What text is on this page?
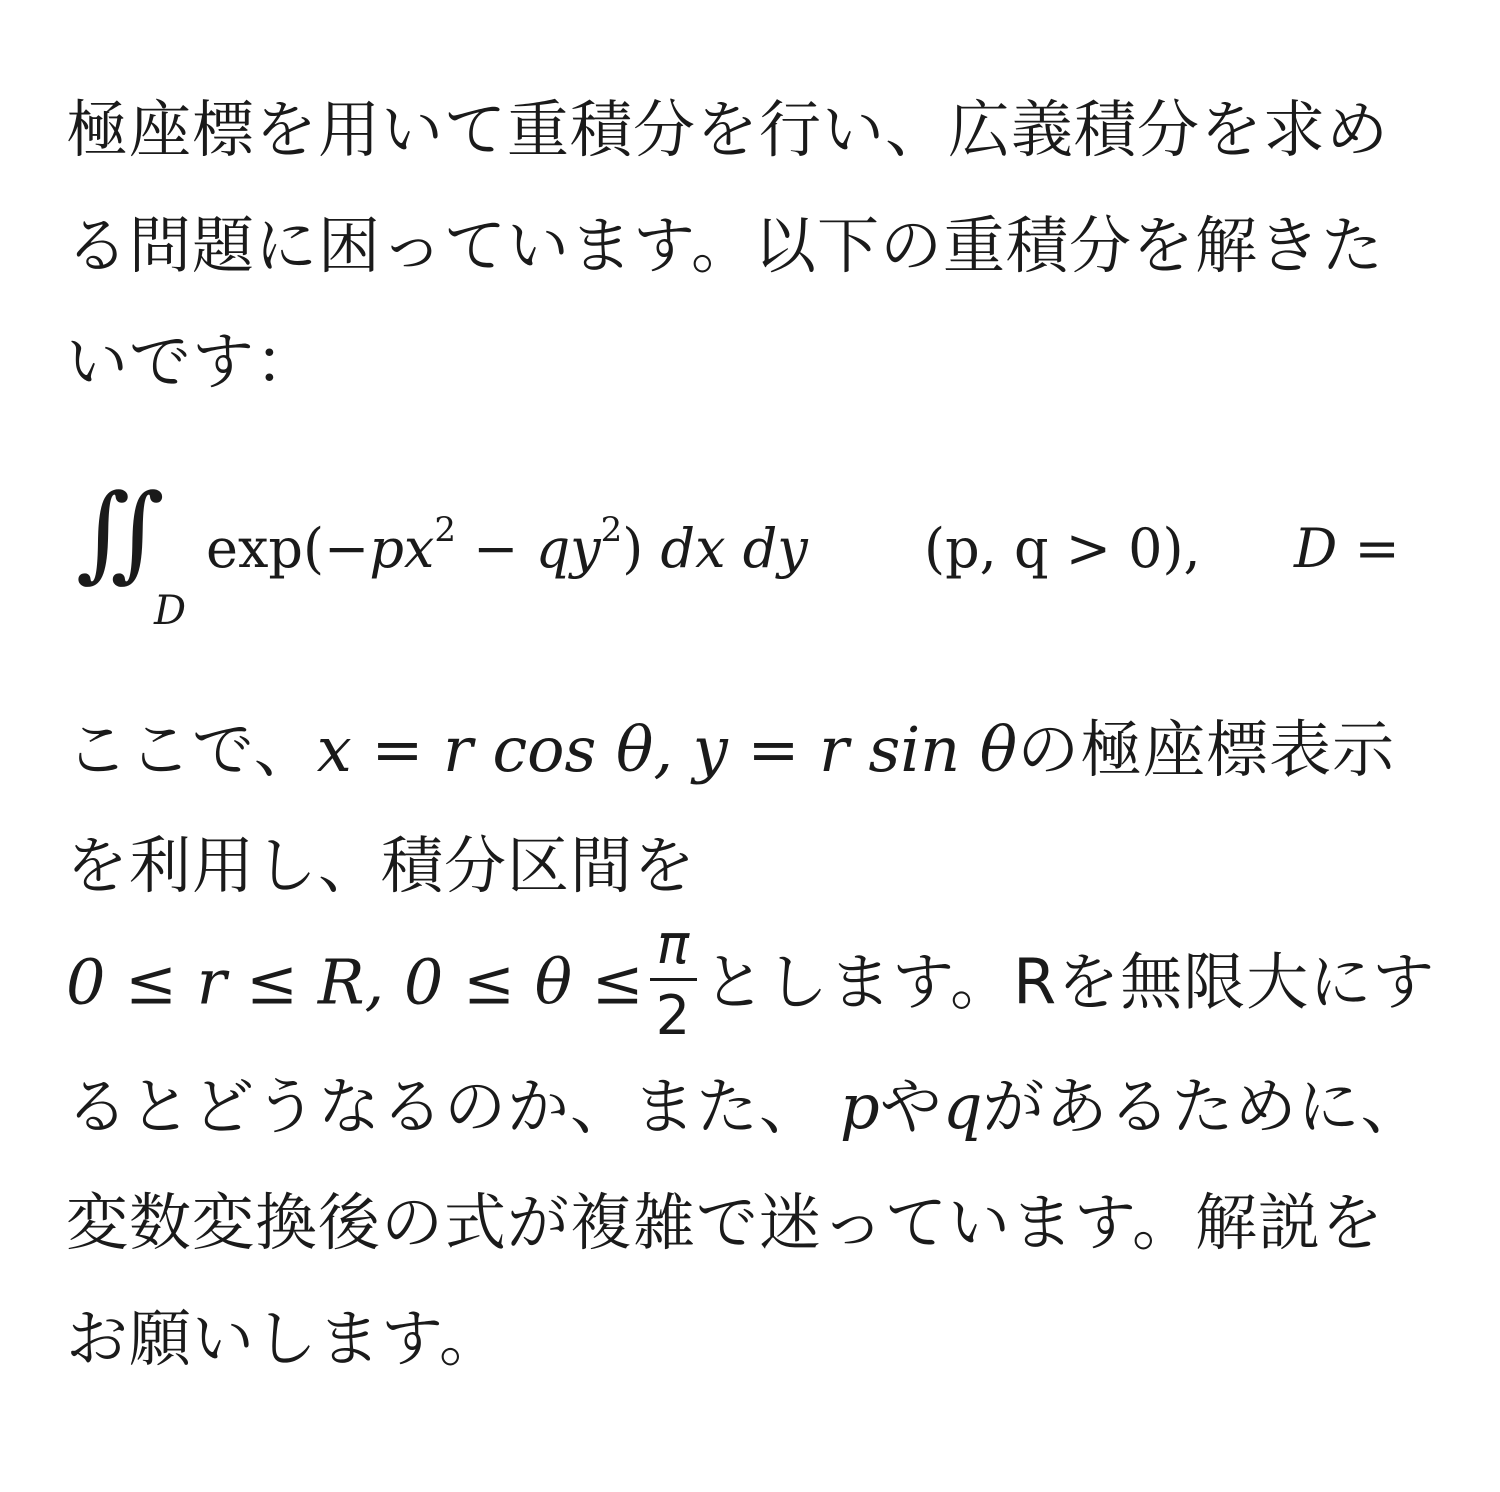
極座標を用いて重積分を行い、広義積分を求める問題に困っています。以下の重積分を解きたいです：

∬
D
$\exp(-px^2 - qy^2)$ dx dy (p, q > 0), D =

ここで、x = r cos θ, y = r sin θの極座標表示を利用し、積分区間を

0 ≤ r ≤ R, $0 \le \theta \le \frac{\pi}{2}$ とします。Rを無限大にするとどうなるのか、また、 pやqがあるために、変数変換後の式が複雑で迷っています。解説をお願いします。
